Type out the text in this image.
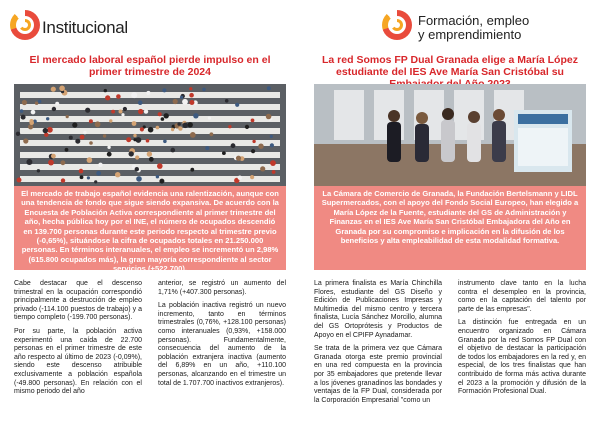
Institucional
El mercado laboral español pierde impulso en el primer trimestre de 2024
El mercado de trabajo español evidencia una ralentización, aunque con una tendencia de fondo que sigue siendo expansiva. De acuerdo con la Encuesta de Población Activa correspondiente al primer trimestre del año, hecha pública hoy por el INE, el número de ocupados descendió en 139.700 personas durante este periodo respecto al trimestre previo (-0,65%), situándose la cifra de ocupados totales en 21.250.000 personas. En términos interanuales, el empleo se incrementó un 2,98% (615.800 ocupados más), la gran mayoría correspondiente al sector servicios (+522.700).

Cabe destacar que el descenso trimestral en la ocupación correspondió principalmente a destrucción de empleo privado (-114.100 puestos de trabajo) y a tiempo completo (-199.700 personas).

Por su parte, la población activa experimentó una caída de 22.700 personas en el primer trimestre de este año respecto al último de 2023 (-0,09%), siendo este descenso atribuible exclusivamente a población española (-49.800 personas). En relación con el mismo periodo del año

anterior, se registró un aumento del 1,71% (+407.300 personas).

La población inactiva registró un nuevo incremento, tanto en términos trimestrales (0,76%, +128.100 personas) como interanuales (0,93%, +158.000 personas). Fundamentalmente, consecuencia del aumento de la población extranjera inactiva (aumento del 6,89% en un año, +110.100 personas, alcanzando en el trimestre un total de 1.707.700 inactivos extranjeros).

Formación, empleo
y emprendimiento
La red Somos FP Dual Granada elige a María López estudiante del IES Ave María San Cristóbal su
La Cámara de Comercio de Granada, la Fundación Bertelsmann y LIDL Supermercados, con el apoyo del Fondo Social Europeo, han elegido a María López de la Fuente, estudiante del GS de Administración y Finanzas en el IES Ave María San Cristóbal Embajadora del Año en Granada por su compromiso e implicación en la difusión de los beneficios y alta empleabilidad de esta modalidad formativa.

La primera finalista es María Chinchilla Flores, estudiante del GS Diseño y Edición de Publicaciones Impresas y Multimedia del mismo centro y tercera finalista, Lucía Sánchez Morcillo, alumna del GS Ortoprótesis y Productos de Apoyo en el CPIFP Aynadamar.

Se trata de la primera vez que Cámara Granada otorga este premio provincial en una red compuesta en la provincia por 35 embajadores que pretende llevar a los jóvenes granadinos las bondades y ventajas de la FP Dual, considerada por la Corporación Empresarial "como un

instrumento clave tanto en la lucha contra el desempleo en la provincia, como en la captación del talento por parte de las empresas".

La distinción fue entregada en un encuentro organizado en Cámara Granada por la red Somos FP Dual con el objetivo de destacar la participación de todos los embajadores en la red y, en especial, de los tres finalistas que han contribuido de forma más activa durante el 2023 a la promoción y difusión de la Formación Profesional Dual.
